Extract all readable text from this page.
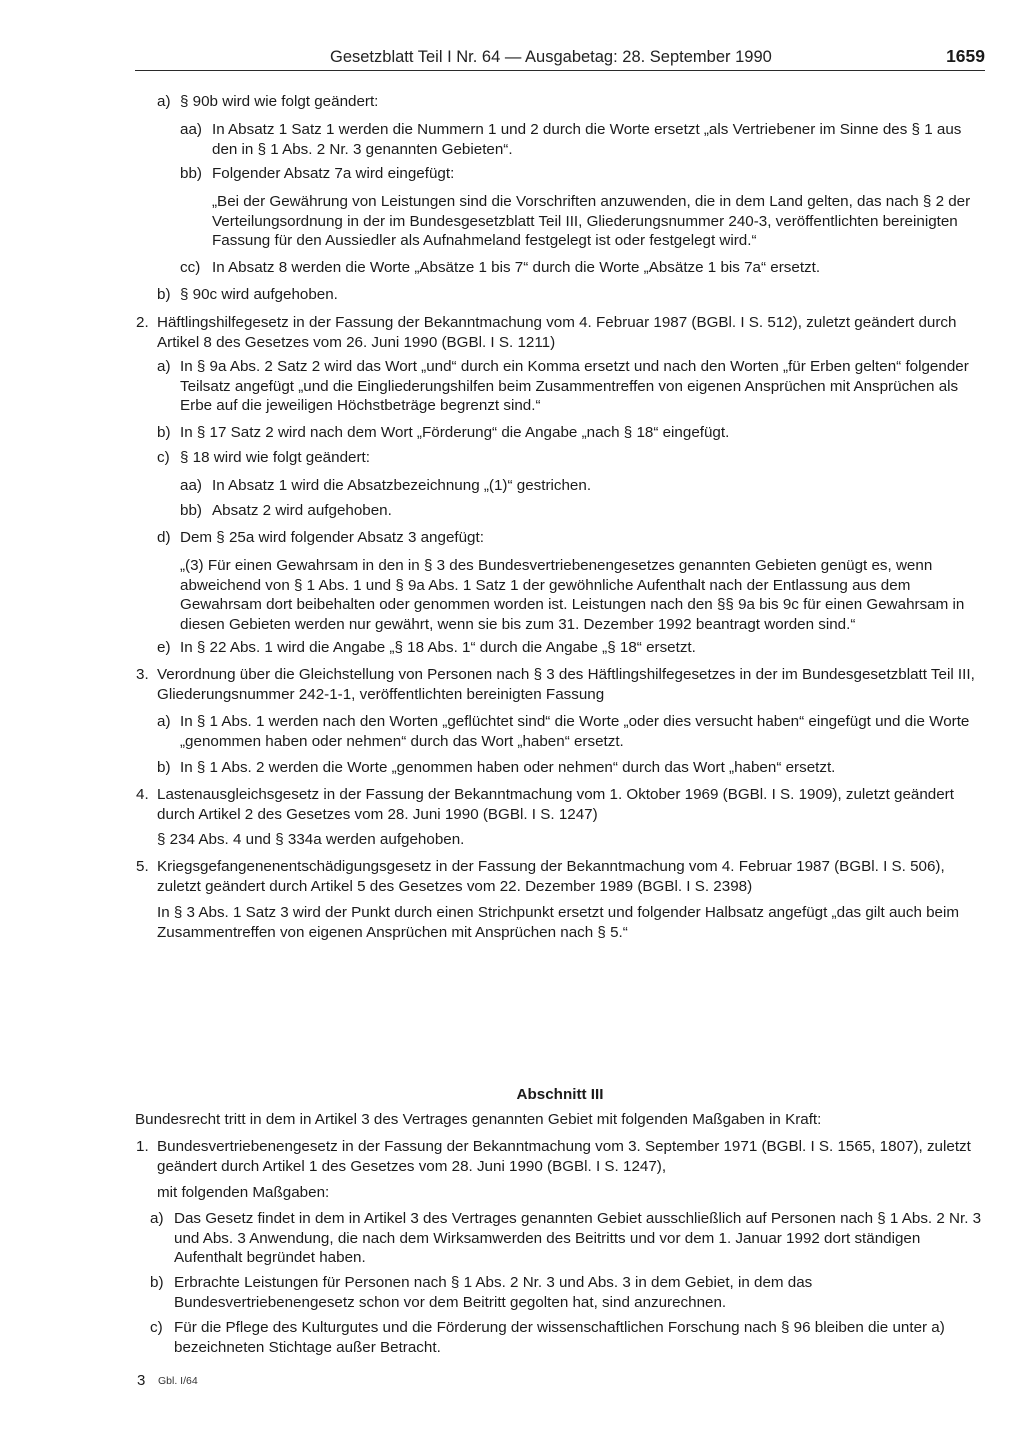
Gesetzblatt Teil I Nr. 64 — Ausgabetag: 28. September 1990	1659
a) § 90b wird wie folgt geändert:
aa) In Absatz 1 Satz 1 werden die Nummern 1 und 2 durch die Worte ersetzt „als Vertriebener im Sinne des § 1 aus den in § 1 Abs. 2 Nr. 3 genannten Gebieten“.
bb) Folgender Absatz 7a wird eingefügt:
„Bei der Gewährung von Leistungen sind die Vorschriften anzuwenden, die in dem Land gelten, das nach § 2 der Verteilungsordnung in der im Bundesgesetzblatt Teil III, Gliederungsnummer 240-3, veröffentlichten bereinigten Fassung für den Aussiedler als Aufnahmeland festgelegt ist oder festgelegt wird.“
cc) In Absatz 8 werden die Worte „Absätze 1 bis 7“ durch die Worte „Absätze 1 bis 7a“ ersetzt.
b) § 90c wird aufgehoben.
2. Häftlingshilfegesetz in der Fassung der Bekanntmachung vom 4. Februar 1987 (BGBl. I S. 512), zuletzt geändert durch Artikel 8 des Gesetzes vom 26. Juni 1990 (BGBl. I S. 1211)
a) In § 9a Abs. 2 Satz 2 wird das Wort „und“ durch ein Komma ersetzt und nach den Worten „für Erben gelten“ folgender Teilsatz angefügt „und die Eingliederungshilfen beim Zusammentreffen von eigenen Ansprüchen mit Ansprüchen als Erbe auf die jeweiligen Höchstbeträge begrenzt sind.“
b) In § 17 Satz 2 wird nach dem Wort „Förderung“ die Angabe „nach § 18“ eingefügt.
c) § 18 wird wie folgt geändert:
aa) In Absatz 1 wird die Absatzbezeichnung „(1)“ gestrichen.
bb) Absatz 2 wird aufgehoben.
d) Dem § 25a wird folgender Absatz 3 angefügt:
„(3) Für einen Gewahrsam in den in § 3 des Bundesvertriebenengesetzes genannten Gebieten genügt es, wenn abweichend von § 1 Abs. 1 und § 9a Abs. 1 Satz 1 der gewöhnliche Aufenthalt nach der Entlassung aus dem Gewahrsam dort beibehalten oder genommen worden ist. Leistungen nach den §§ 9a bis 9c für einen Gewahrsam in diesen Gebieten werden nur gewährt, wenn sie bis zum 31. Dezember 1992 beantragt worden sind.“
e) In § 22 Abs. 1 wird die Angabe „§ 18 Abs. 1“ durch die Angabe „§ 18“ ersetzt.
3. Verordnung über die Gleichstellung von Personen nach § 3 des Häftlingshilfegesetzes in der im Bundesgesetzblatt Teil III, Gliederungsnummer 242-1-1, veröffentlichten bereinigten Fassung
a) In § 1 Abs. 1 werden nach den Worten „geflüchtet sind“ die Worte „oder dies versucht haben“ eingefügt und die Worte „genommen haben oder nehmen“ durch das Wort „haben“ ersetzt.
b) In § 1 Abs. 2 werden die Worte „genommen haben oder nehmen“ durch das Wort „haben“ ersetzt.
4. Lastenausgleichsgesetz in der Fassung der Bekanntmachung vom 1. Oktober 1969 (BGBl. I S. 1909), zuletzt geändert durch Artikel 2 des Gesetzes vom 28. Juni 1990 (BGBl. I S. 1247)
§ 234 Abs. 4 und § 334a werden aufgehoben.
5. Kriegsgefangenenentschädigungsgesetz in der Fassung der Bekanntmachung vom 4. Februar 1987 (BGBl. I S. 506), zuletzt geändert durch Artikel 5 des Gesetzes vom 22. Dezember 1989 (BGBl. I S. 2398)
In § 3 Abs. 1 Satz 3 wird der Punkt durch einen Strichpunkt ersetzt und folgender Halbsatz angefügt „das gilt auch beim Zusammentreffen von eigenen Ansprüchen mit Ansprüchen nach § 5.“
Abschnitt III
Bundesrecht tritt in dem in Artikel 3 des Vertrages genannten Gebiet mit folgenden Maßgaben in Kraft:
1. Bundesvertriebenengesetz in der Fassung der Bekanntmachung vom 3. September 1971 (BGBl. I S. 1565, 1807), zuletzt geändert durch Artikel 1 des Gesetzes vom 28. Juni 1990 (BGBl. I S. 1247),
mit folgenden Maßgaben:
a) Das Gesetz findet in dem in Artikel 3 des Vertrages genannten Gebiet ausschließlich auf Personen nach § 1 Abs. 2 Nr. 3 und Abs. 3 Anwendung, die nach dem Wirksamwerden des Beitritts und vor dem 1. Januar 1992 dort ständigen Aufenthalt begründet haben.
b) Erbrachte Leistungen für Personen nach § 1 Abs. 2 Nr. 3 und Abs. 3 in dem Gebiet, in dem das Bundesvertriebenengesetz schon vor dem Beitritt gegolten hat, sind anzurechnen.
c) Für die Pflege des Kulturgutes und die Förderung der wissenschaftlichen Forschung nach § 96 bleiben die unter a) bezeichneten Stichtage außer Betracht.
3 Gbl. I/64
